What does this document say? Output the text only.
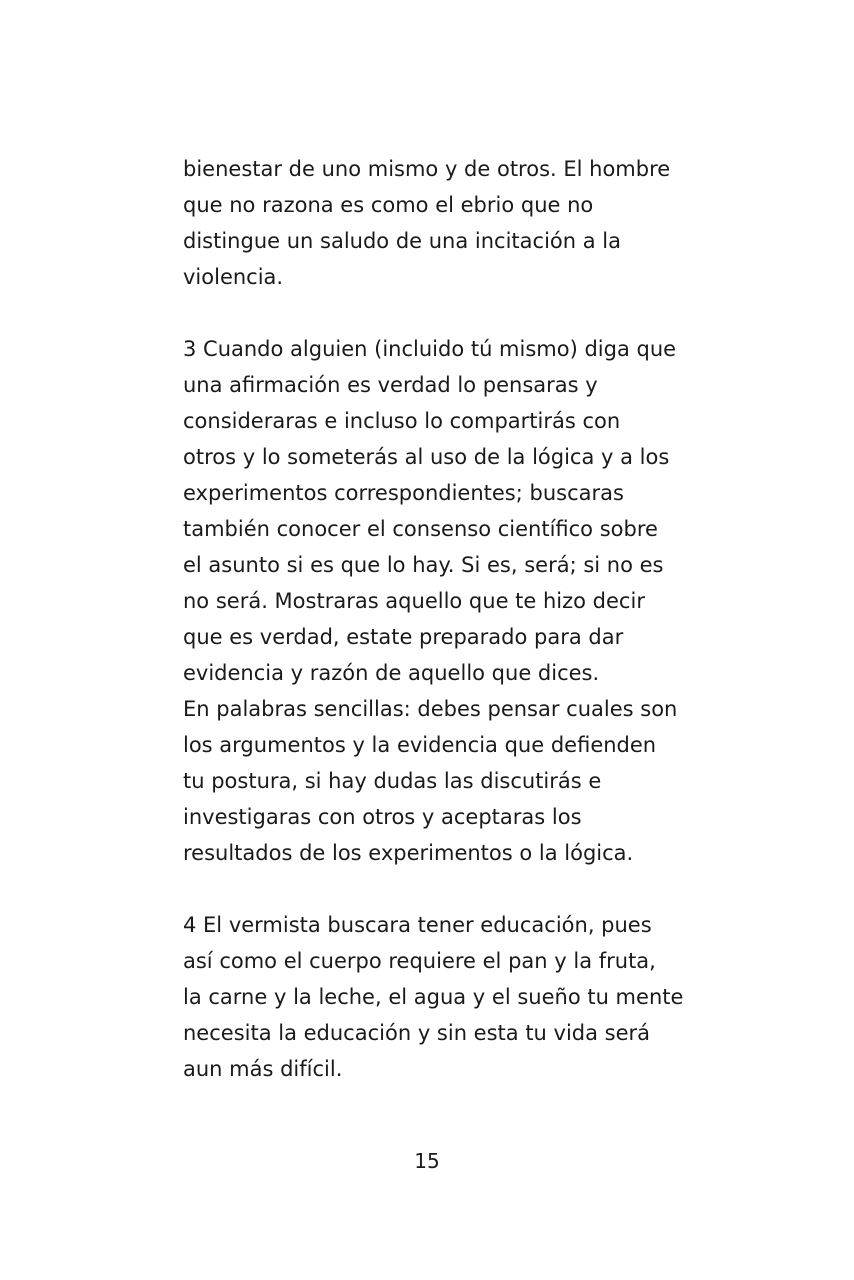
bienestar de uno mismo y de otros. El hombre
que no razona es como el ebrio que no
distingue un saludo de una incitación a la
violencia.

3 Cuando alguien (incluido tú mismo) diga que
una afirmación es verdad lo pensaras y
consideraras e incluso lo compartirás con
otros y lo someterás al uso de la lógica y a los
experimentos correspondientes; buscaras
también conocer el consenso científico sobre
el asunto si es que lo hay. Si es, será; si no es
no será. Mostraras aquello que te hizo decir
que es verdad, estate preparado para dar
evidencia y razón de aquello que dices.

En palabras sencillas: debes pensar cuales son
los argumentos y la evidencia que defienden
tu postura, si hay dudas las discutirás e
investigaras con otros y aceptaras los
resultados de los experimentos o la lógica.

4 El vermista buscara tener educación, pues
así como el cuerpo requiere el pan y la fruta,
la carne y la leche, el agua y el sueño tu mente
necesita la educación y sin esta tu vida será
aun más difícil.

15
